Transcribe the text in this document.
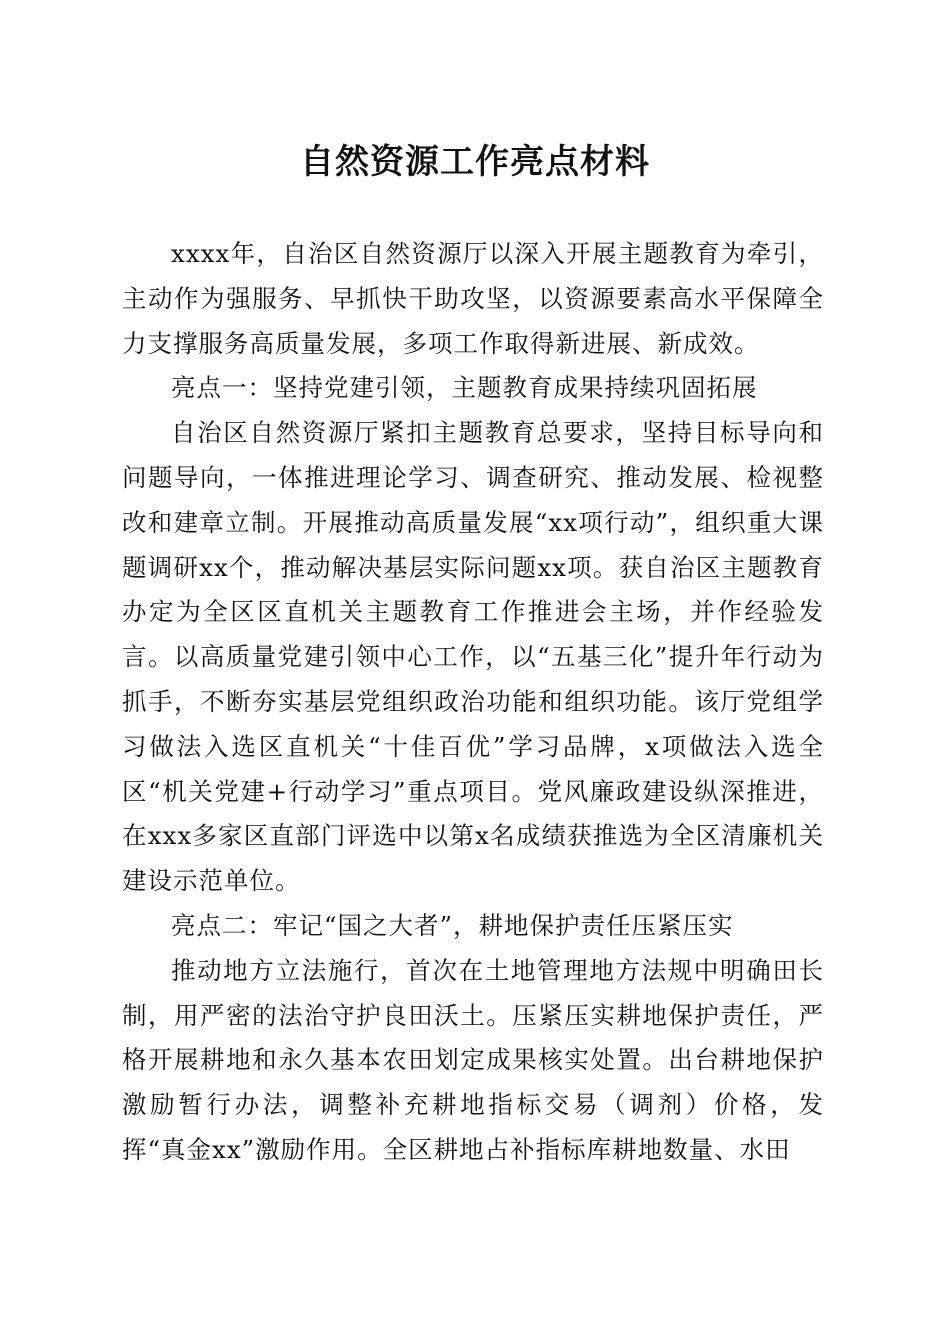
自然资源工作亮点材料

xxxx年，自治区自然资源厅以深入开展主题教育为牵引，主动作为强服务、早抓快干助攻坚，以资源要素高水平保障全力支撑服务高质量发展，多项工作取得新进展、新成效。

亮点一：坚持党建引领，主题教育成果持续巩固拓展

自治区自然资源厅紧扣主题教育总要求，坚持目标导向和问题导向，一体推进理论学习、调查研究、推动发展、检视整改和建章立制。开展推动高质量发展“xx项行动”，组织重大课题调研xx个，推动解决基层实际问题xx项。获自治区主题教育办定为全区区直机关主题教育工作推进会主场，并作经验发言。以高质量党建引领中心工作，以“五基三化”提升年行动为抓手，不断夯实基层党组织政治功能和组织功能。该厅党组学习做法入选区直机关“十佳百优”学习品牌，x项做法入选全区“机关党建+行动学习”重点项目。党风廉政建设纵深推进，在xxx多家区直部门评选中以第x名成绩获推选为全区清廉机关建设示范单位。

亮点二：牢记“国之大者”，耕地保护责任压紧压实

推动地方立法施行，首次在土地管理地方法规中明确田长制，用严密的法治守护良田沃土。压紧压实耕地保护责任，严格开展耕地和永久基本农田划定成果核实处置。出台耕地保护激励暂行办法，调整补充耕地指标交易（调剂）价格，发挥“真金xx”激励作用。全区耕地占补指标库耕地数量、水田
